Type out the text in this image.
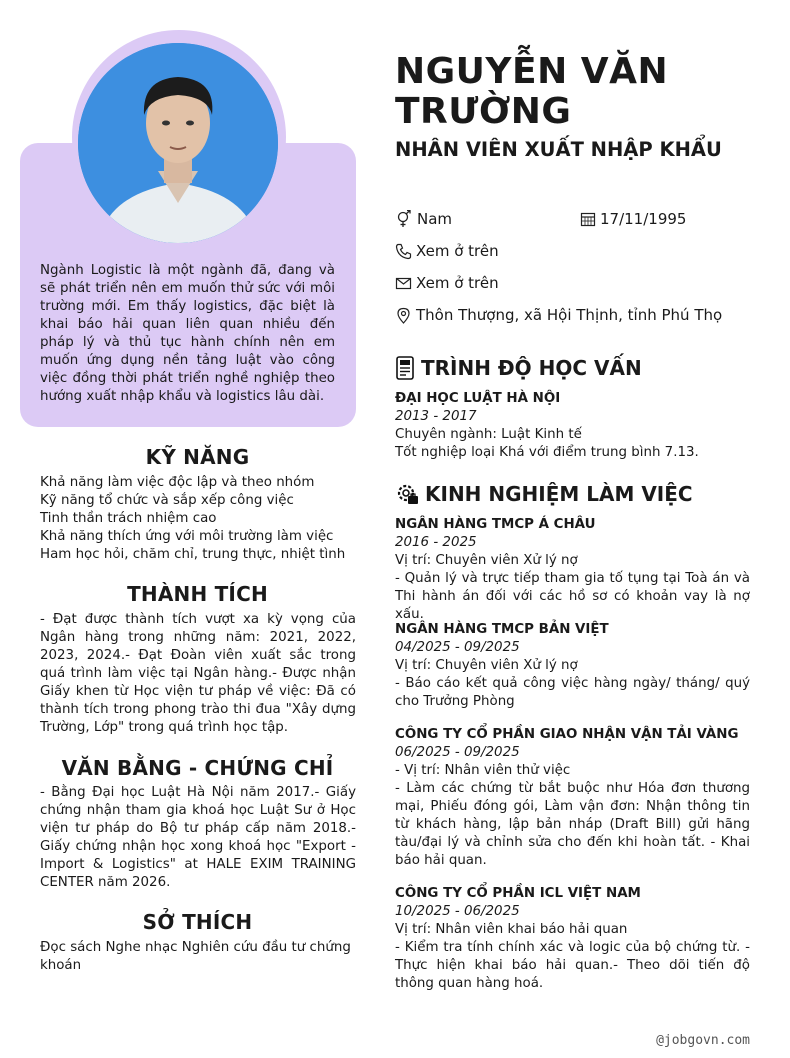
Ngành Logistic là một ngành đã, đang và sẽ phát triển nên em muốn thử sức với môi trường mới. Em thấy logistics, đặc biệt là khai báo hải quan liên quan nhiều đến pháp lý và thủ tục hành chính nên em muốn ứng dụng nền tảng luật vào công việc đồng thời phát triển nghề nghiệp theo hướng xuất nhập khẩu và logistics lâu dài.
KỸ NĂNG
Khả năng làm việc độc lập và theo nhóm
Kỹ năng tổ chức và sắp xếp công việc
Tinh thần trách nhiệm cao
Khả năng thích ứng với môi trường làm việc
Ham học hỏi, chăm chỉ, trung thực, nhiệt tình
THÀNH TÍCH
- Đạt được thành tích vượt xa kỳ vọng của Ngân hàng trong những năm: 2021, 2022, 2023, 2024.- Đạt Đoàn viên xuất sắc trong quá trình làm việc tại Ngân hàng.- Được nhận Giấy khen từ Học viện tư pháp về việc: Đã có thành tích trong phong trào thi đua "Xây dựng Trường, Lớp" trong quá trình học tập.
VĂN BẰNG - CHỨNG CHỈ
- Bằng Đại học Luật Hà Nội năm 2017.- Giấy chứng nhận tham gia khoá học Luật Sư ở Học viện tư pháp do Bộ tư pháp cấp năm 2018.- Giấy chứng nhận học xong khoá học "Export - Import & Logistics" at HALE EXIM TRAINING CENTER năm 2026.
SỞ THÍCH
Đọc sách Nghe nhạc Nghiên cứu đầu tư chứng khoán
NGUYỄN VĂN TRƯỜNG
NHÂN VIÊN XUẤT NHẬP KHẨU
Nam	17/11/1995
Xem ở trên
Xem ở trên
Thôn Thượng, xã Hội Thịnh, tỉnh Phú Thọ
TRÌNH ĐỘ HỌC VẤN
ĐẠI HỌC LUẬT HÀ NỘI
2013 - 2017
Chuyên ngành: Luật Kinh tế
Tốt nghiệp loại Khá với điểm trung bình 7.13.
KINH NGHIỆM LÀM VIỆC
NGÂN HÀNG TMCP Á CHÂU
2016 - 2025
Vị trí: Chuyên viên Xử lý nợ
- Quản lý và trực tiếp tham gia tố tụng tại Toà án và Thi hành án đối với các hồ sơ có khoản vay là nợ xấu.
NGÂN HÀNG TMCP BẢN VIỆT
04/2025 - 09/2025
Vị trí: Chuyên viên Xử lý nợ
- Báo cáo kết quả công việc hàng ngày/ tháng/ quý cho Trưởng Phòng
CÔNG TY CỔ PHẦN GIAO NHẬN VẬN TẢI VÀNG
06/2025 - 09/2025
- Vị trí: Nhân viên thử việc
- Làm các chứng từ bắt buộc như Hóa đơn thương mại, Phiếu đóng gói, Làm vận đơn: Nhận thông tin từ khách hàng, lập bản nháp (Draft Bill) gửi hãng tàu/đại lý và chỉnh sửa cho đến khi hoàn tất. - Khai báo hải quan.
CÔNG TY CỔ PHẦN ICL VIỆT NAM
10/2025 - 06/2025
Vị trí: Nhân viên khai báo hải quan
- Kiểm tra tính chính xác và logic của bộ chứng từ. - Thực hiện khai báo hải quan.- Theo dõi tiến độ thông quan hàng hoá.
@jobgovn.com
